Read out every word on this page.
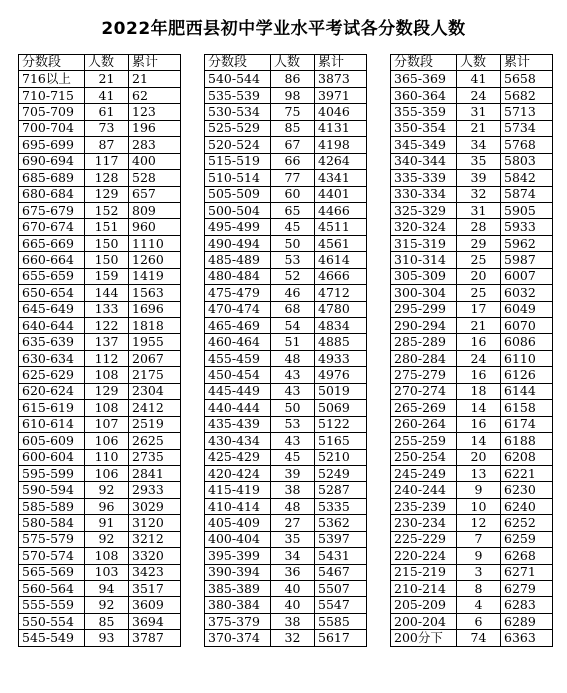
2022年肥西县初中学业水平考试各分数段人数
分数段	人数	累计
716以上	21	21
710-715	41	62
705-709	61	123
700-704	73	196
695-699	87	283
690-694	117	400
685-689	128	528
680-684	129	657
675-679	152	809
670-674	151	960
665-669	150	1110
660-664	150	1260
655-659	159	1419
650-654	144	1563
645-649	133	1696
640-644	122	1818
635-639	137	1955
630-634	112	2067
625-629	108	2175
620-624	129	2304
615-619	108	2412
610-614	107	2519
605-609	106	2625
600-604	110	2735
595-599	106	2841
590-594	92	2933
585-589	96	3029
580-584	91	3120
575-579	92	3212
570-574	108	3320
565-569	103	3423
560-564	94	3517
555-559	92	3609
550-554	85	3694
545-549	93	3787
分数段	人数	累计
540-544	86	3873
535-539	98	3971
530-534	75	4046
525-529	85	4131
520-524	67	4198
515-519	66	4264
510-514	77	4341
505-509	60	4401
500-504	65	4466
495-499	45	4511
490-494	50	4561
485-489	53	4614
480-484	52	4666
475-479	46	4712
470-474	68	4780
465-469	54	4834
460-464	51	4885
455-459	48	4933
450-454	43	4976
445-449	43	5019
440-444	50	5069
435-439	53	5122
430-434	43	5165
425-429	45	5210
420-424	39	5249
415-419	38	5287
410-414	48	5335
405-409	27	5362
400-404	35	5397
395-399	34	5431
390-394	36	5467
385-389	40	5507
380-384	40	5547
375-379	38	5585
370-374	32	5617
分数段	人数	累计
365-369	41	5658
360-364	24	5682
355-359	31	5713
350-354	21	5734
345-349	34	5768
340-344	35	5803
335-339	39	5842
330-334	32	5874
325-329	31	5905
320-324	28	5933
315-319	29	5962
310-314	25	5987
305-309	20	6007
300-304	25	6032
295-299	17	6049
290-294	21	6070
285-289	16	6086
280-284	24	6110
275-279	16	6126
270-274	18	6144
265-269	14	6158
260-264	16	6174
255-259	14	6188
250-254	20	6208
245-249	13	6221
240-244	9	6230
235-239	10	6240
230-234	12	6252
225-229	7	6259
220-224	9	6268
215-219	3	6271
210-214	8	6279
205-209	4	6283
200-204	6	6289
200分下	74	6363
